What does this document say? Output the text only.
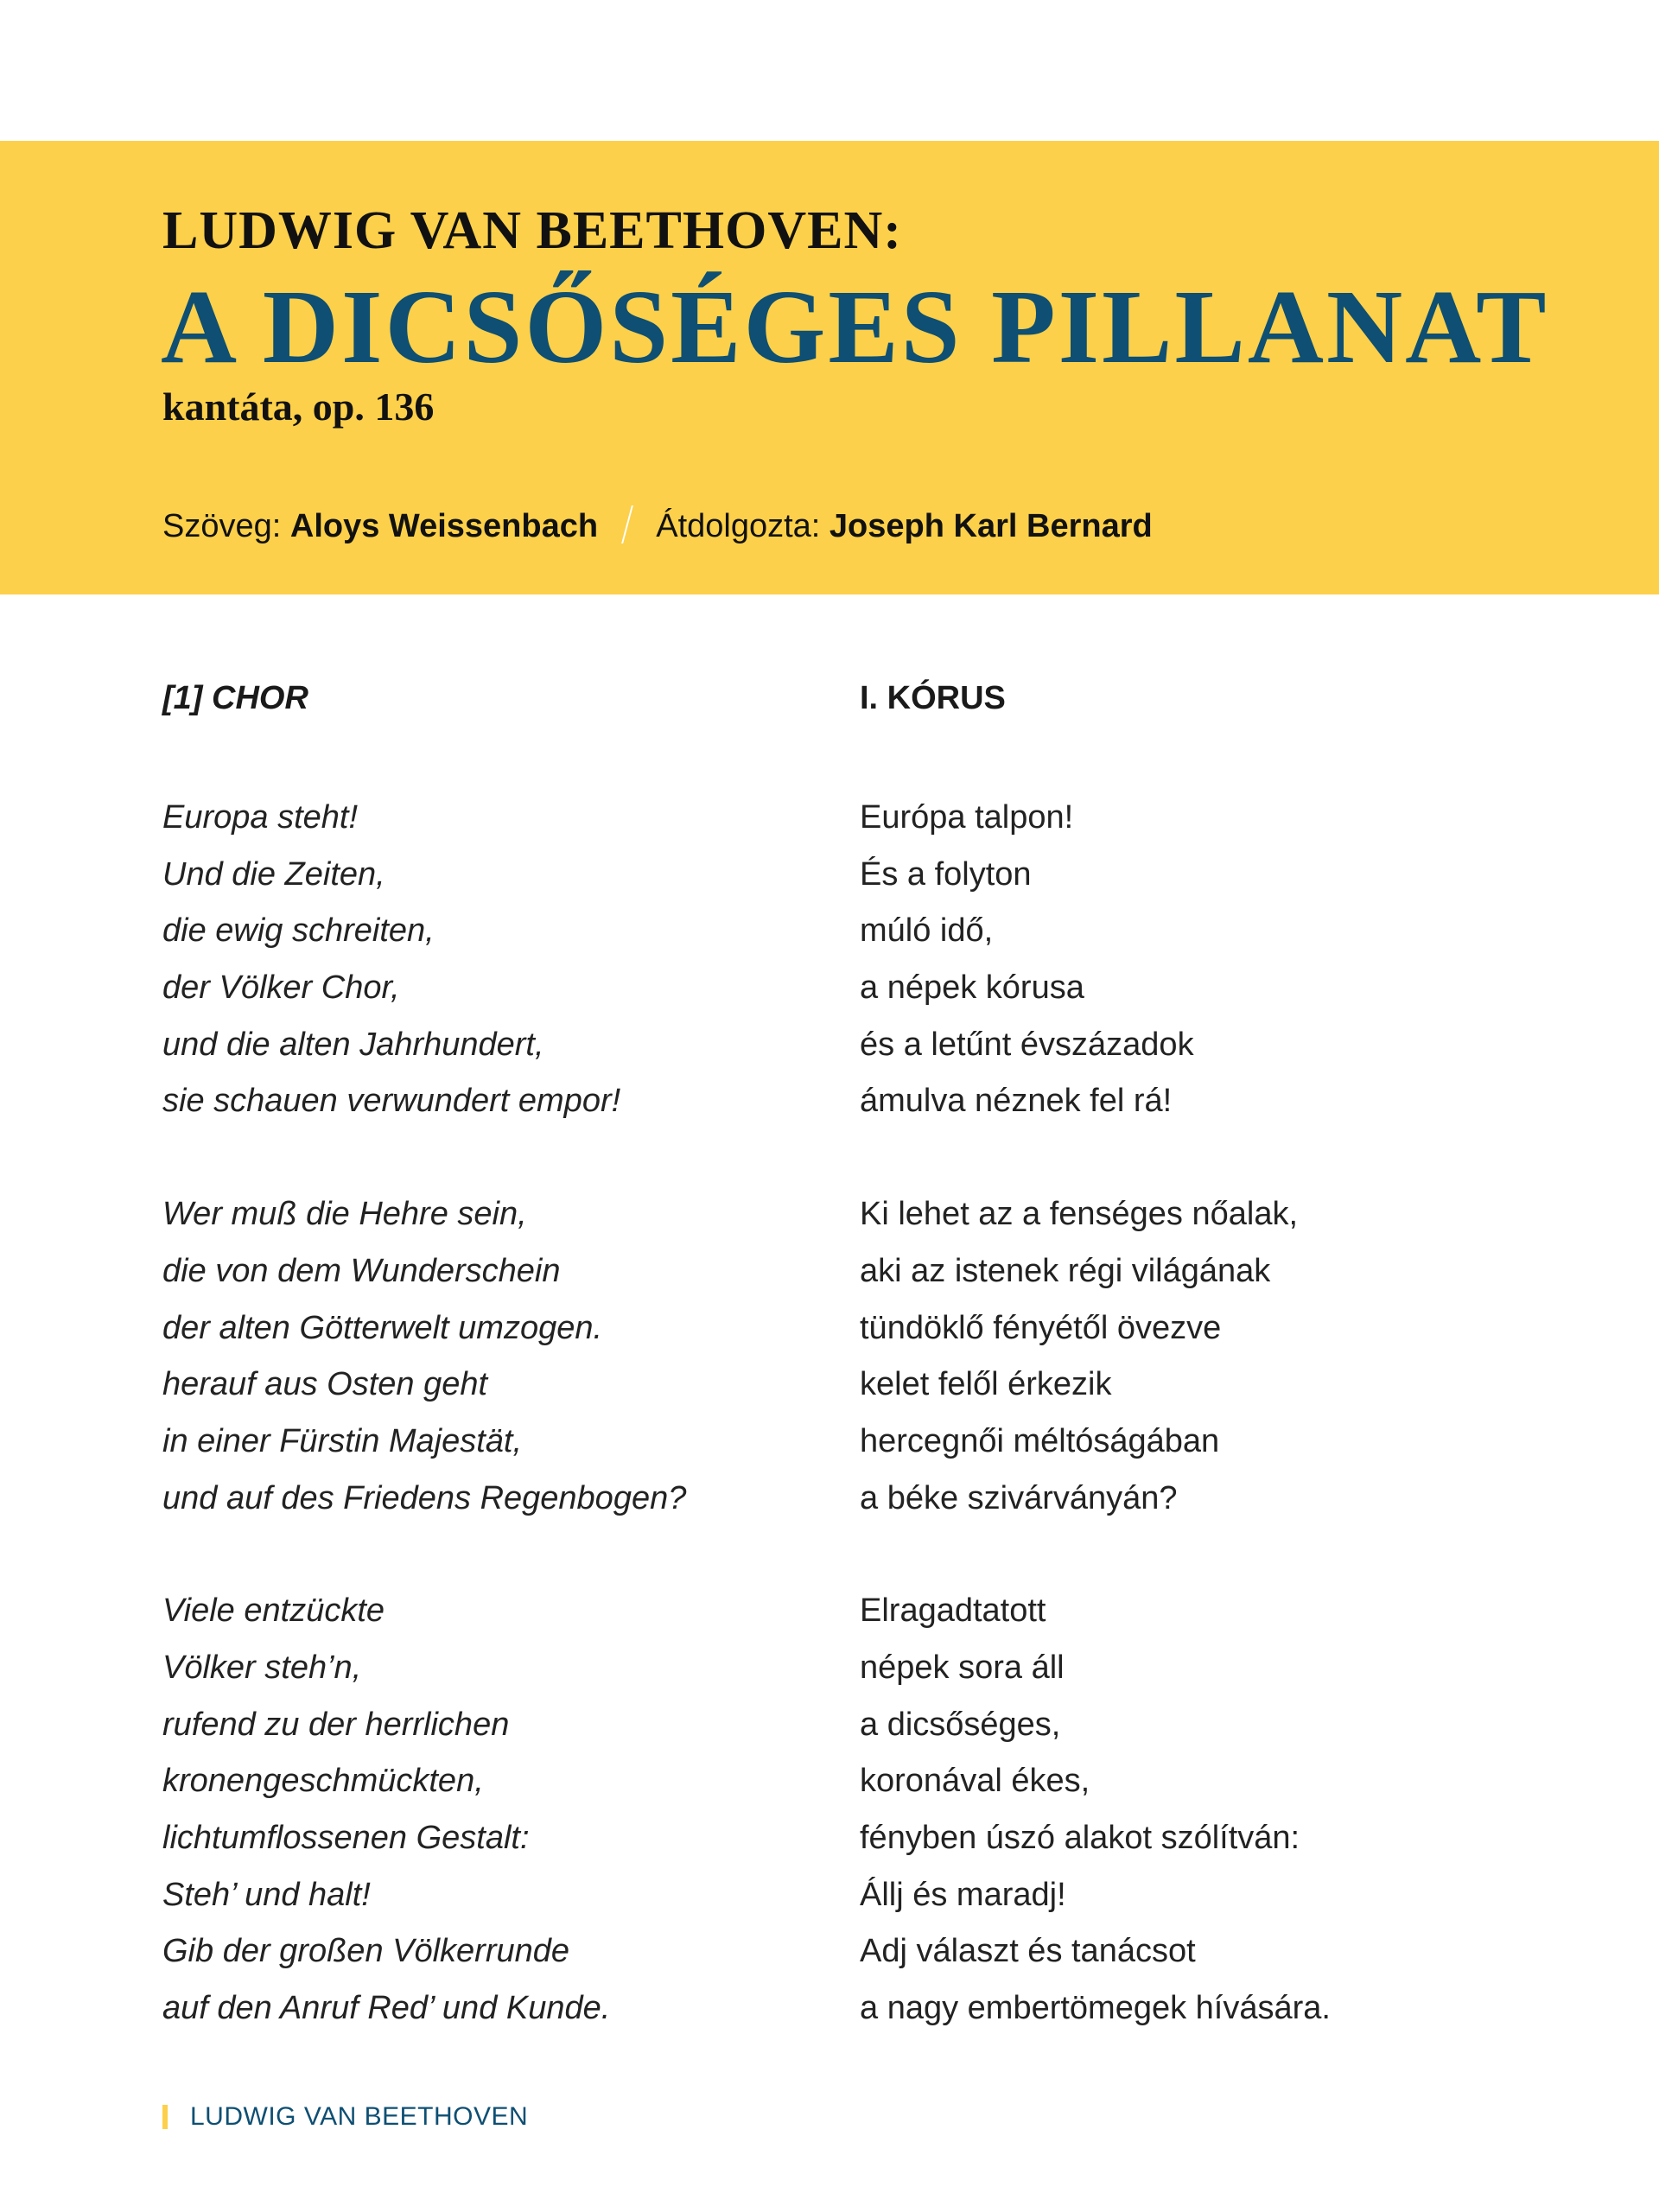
LUDWIG VAN BEETHOVEN:
A DICSŐSÉGES PILLANAT
kantáta, op. 136
Szöveg: Aloys Weissenbach Átdolgozta: Joseph Karl Bernard
[1] CHOR
Europa steht!
Und die Zeiten,
die ewig schreiten,
der Völker Chor,
und die alten Jahrhundert,
sie schauen verwundert empor!
Wer muß die Hehre sein,
die von dem Wunderschein
der alten Götterwelt umzogen.
herauf aus Osten geht
in einer Fürstin Majestät,
und auf des Friedens Regenbogen?
Viele entzückte
Völker steh’n,
rufend zu der herrlichen
kronengeschmückten,
lichtumflossenen Gestalt:
Steh’ und halt!
Gib der großen Völkerrunde
auf den Anruf Red’ und Kunde.
I. KÓRUS
Európa talpon!
És a folyton
múló idő,
a népek kórusa
és a letűnt évszázadok
ámulva néznek fel rá!
Ki lehet az a fenséges nőalak,
aki az istenek régi világának
tündöklő fényétől övezve
kelet felől érkezik
hercegnői méltóságában
a béke szivárványán?
Elragadtatott
népek sora áll
a dicsőséges,
koronával ékes,
fényben úszó alakot szólítván:
Állj és maradj!
Adj választ és tanácsot
a nagy embertömegek hívására.
LUDWIG VAN BEETHOVEN
